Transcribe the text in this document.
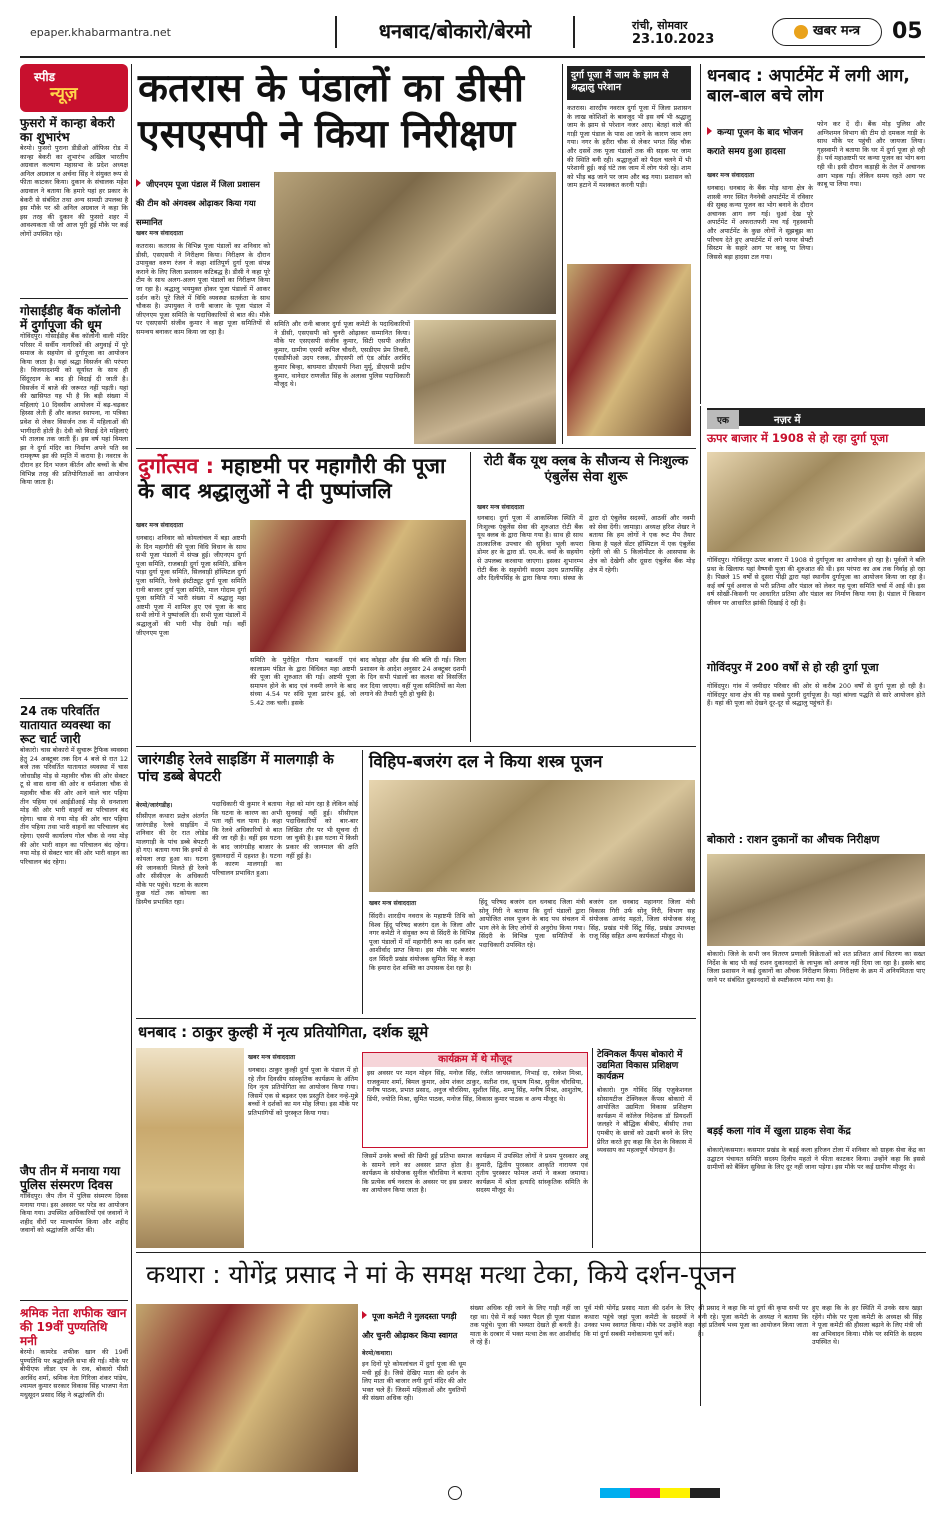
epaper.khabarmantra.net	धनबाद/बोकारो/बेरमो	रांची, सोमवार
23.10.2023
खबर मन्त्र	05
स्पीड
न्यूज़
फुसरो में कान्हा बेकरी का शुभारंभ
बेरमो। फुसरो पुराना डीडीओ ऑफिस रोड में कान्हा बेकरी का शुभारंभ अखिल भारतीय अग्रवाल कल्याण महासभा के प्रदेश अध्यक्ष अनिल अग्रवाल व अर्चना सिंह ने संयुक्त रूप से फीता काटकर किया। दुकान के संचालक महेश अग्रवाल ने बताया कि हमारे यहां हर प्रकार के बेकरी से संबंधित तथा अन्य सामग्री उपलब्ध है इस मौके पर श्री अनिल अग्रवाल ने कहा कि इस तरह की दुकान की फुसरो शहर में आवश्यकता थी जो आज पूरी हुई मौके पर कई लोगों उपस्थित रहे।
गोसाईंडीह बैंक कॉलोनी में दुर्गापूजा की धूम
गोविंदपुर। गोसाईंडीह बैंक कॉलोनी वाली मंदिर परिसर में सर्वीय नागरिकों की अगुवाई में पूरे समाज के सहयोग से दुर्गापूजा का आयोजन किया जाता है। यहां श्रद्धा विसर्जन की परंपरा है। विजयादशमी को सूर्यास्त के साथ ही सिंदूरदान के बाद ही विदाई दी जाती है। विसर्जन में बाजे की जरूरत नहीं पड़ती। यहां की खासियत यह भी है कि बड़ी संख्या में महिलाएं 10 दिवसीय आयोजन में बढ़-चढ़कर हिस्सा लेती हैं और कलश स्थापना, ना पत्रिका प्रवेश से लेकर विसर्जन तक में महिलाओं की भागीदारी होती है। देवी को विदाई देने महिलाएं भी तालाब तक जाती हैं। इस वर्ष यहां विमला झा ने दुर्गा मंदिर का निर्माण अपने पति स्व रामकृष्ण झा की स्मृति में कराया है। नवरात्र के दौरान हर दिन भजन कीर्तन और बच्चों के बीच विभिन्न तरह की प्रतियोगिताओं का आयोजन किया जाता है।
24 तक परिवर्तित यातायात व्यवस्था का रूट चार्ट जारी
बोकारो। चास बोकारो में सुचारू ट्रैफिक व्यवस्था हेतु 24 अक्टूबर तक दिन 4 बजे से रात 12 बजे तक परिवर्तित यातायात व्यवस्था में चास जोधाडीह मोड़ से महावीर चौक की ओर सेक्टर टू से वास धाना की ओर व धर्मशाला चौक से महावीर चौक की ओर आने वाले चार पहिया तीन पहिया एवं आईडीआई मोड़ से धनशाला मोड़ की ओर भारी वाहनों का परिचालन बंद रहेगा। चास से नया मोड़ की ओर चार पहिया तीन पहिया तथा भारी वाहनों का परिचालन बंद रहेगा। एसपी कार्यालय गोल चौक से नया मोड़ की ओर भारी वाहन का परिचालन बंद रहेगा। नया मोड़ से सेक्टर चार की ओर भारी वाहन का परिचालन बंद रहेगा।
जैप तीन में मनाया गया पुलिस संस्मरण दिवस
गोविंदपुर। जैप तीन में पुलिस संस्मरण दिवस मनाया गया। इस अवसर पर परेड का आयोजन किया गया। उपस्थित अधिकारियों एवं जवानों ने शहीद वीरों पर माल्यार्पण किया और शहीद जवानों को श्रद्धांजलि अर्पित की।
श्रमिक नेता शफीक खान की 19वीं पुण्यतिथि मनी
बेरमो। कामरेड शफीक खान की 19वीं पुण्यतिथि पर श्रद्धांजलि सभा की गई। मौके पर बीपीएफ लीडर एम के राव, बोकारो पीसी अरविंद शर्मा, श्रमिक नेता गिरिजा शंकर पांडेय, श्यामल कुमार सरकार विकास सिंह भाजपा नेता मधुसूदन प्रसाद सिंह ने श्रद्धांजलि दी।
कतरास के पंडालों का डीसी एसएसपी ने किया निरीक्षण
जीएनएम पूजा पंडाल में जिला प्रशासन की टीम को अंगवस्त्र ओढ़ाकर किया गया सम्मानित
खबर मन्त्र संवाददाता
कतरास। कतरास के विभिन्न पूजा पंडालों का शनिवार को डीसी, एसएसपी ने निरीक्षण किया। निरीक्षण के दौरान उपायुक्त वरुण रंजन ने कहा शांतिपूर्ण दुर्गा पूजा संपन्न कराने के लिए जिला प्रशासन कटिबद्ध है। डीसी ने कहा पूरे टीम के साथ अलग-अलग पूजा पंडालों का निरीक्षण किया जा रहा है। श्रद्धालु भयमुक्त होकर पूजा पंडालों में आकर दर्शन करें। पूरे जिले में विधि व्यवस्था सतर्कता के साथ चौकस है। उपायुक्त ने रानी बाजार के पूजा पंडाल में जीएनएम पूजा समिति के पदाधिकारियों से बात की। मौके पर एसएसपी संजीव कुमार ने कहा पूजा समितियों से समन्वय बनाकर काम किया जा रहा है।
समिति और रानी बाजार दुर्गा पूजा कमेटी के पदाधिकारियों ने डीसी, एसएसपी को चुनरी ओढ़ाकर सम्मानित किया। मौके पर एसएसपी संजीव कुमार, सिटी एसपी अजीत कुमार, ग्रामीण एसपी कपिल चौधरी, एसडीएम प्रेम तिवारी, एसडीपीओ उदय रजक, डीएसपी लॉ एंड ऑर्डर अरविंद कुमार बिन्हा, बाघमारा डीएसपी निशा मुर्मू, डीएसपी प्रदीप कुमार, थानेदार राणजीत सिंह के अलावा पुलिस पदाधिकारी मौजूद थे।
दुर्गा पूजा में जाम के झाम से श्रद्धालु परेशान
कतरास। शारदीय नवरात्र दुर्गा पूजा में जिला प्रशासन के लाख कोशिशों के बावजूद भी इस वर्ष भी श्रद्धालु जाम के झाम से परेशान नजर आए। बेतहां वाले की गाड़ी पूजा पंडाल के पास आ जाने के कारण जाम लग गया। नगर के हरीरा चौक से लेकर भगत सिंह चौक और दसवें तक पूजा पंडालों तक की सड़क पर जाम की स्थिति बनी रही। श्रद्धालुओं को पैदल चलने में भी परेशानी हुई। कई घंटे तक जाम में लोग फंसे रहे। शाम को भीड़ बढ़ जाने पर जाम और बढ़ गया। प्रशासन को जाम हटाने में मशक्कत करनी पड़ी।
धनबाद : अपार्टमेंट में लगी आग, बाल-बाल बचे लोग
कन्या पूजन के बाद भोजन कराते समय हुआ हादसा
खबर मन्त्र संवाददाता
धनबाद। धनबाद के बैंक मोड़ थाना क्षेत्र के शास्त्री नगर स्थित नैननेबी अपार्टमेंट में रविवार की सुबह कन्या पूजन का भोग बनाने के दौरान अचानक आग लग गई। धुआं देख पूरे अपार्टमेंट में अफरातफरी मच गई गृहस्वामी और अपार्टमेंट के कुछ लोगों ने सूझबूझ का परिचय देते हुए अपार्टमेंट में लगे फायर सेफ्टी सिस्टम के सहारे आग पर काबू पा लिया। जिससे बड़ा हादसा टल गया।
फोन कर दें दी। बैंक मोड़ पुलिस और अग्निशमन विभाग की टीम दो दमकल गाड़ी के साथ मौके पर पहुंची और जायजा लिया। गृहस्वामी ने बताया कि घर में दुर्गा पूजा हो रही है। पर्व महाअष्टमी पर कन्या पूजन का भोग बना रही थी। इसी दौरान कड़ाही के तेल में अचानक आग भड़क गई। लेकिन समय रहते आग पर काबू पा लिया गया।
एक	नज़र में
ऊपर बाजार में 1908 से हो रहा दुर्गा पूजा
गोविंदपुर। गोविंदपुर ऊपर बाजार में 1908 से दुर्गापूजा का आयोजन हो रहा है। पूर्वजों ने बलि प्रथा के खिलाफ यहां वैष्णवी पूजा की शुरुआत की थी। इस परंपरा का अब तक निर्वाह हो रहा है। पिछले 15 वर्षों से दूसरा पीढ़ी द्वारा यहां स्थानीय दुर्गापूजा का आयोजन किया जा रहा है। कई वर्ष पूर्व अनाज से भरी प्रतिमा और पंडाल को लेकर यह पूजा समिति चर्चा में आई थी। इस वर्ष सोखी-किसनी पर आधारित प्रतिमा और पंडाल का निर्माण किया गया है। पंडाल में किसान जीवन पर आधारित झांकी दिखाई दे रही है।
गोविंदपुर में 200 वर्षों से हो रही दुर्गा पूजा
गोविंदपुर। गांव में जमीदार परिवार की ओर से करीब 200 वर्षों से दुर्गा पूजा हो रही है। गोविंदपुर थाना क्षेत्र की यह सबसे पुरानी दुर्गापूजा है। यहां बांग्ला पद्धति से सारे आयोजन होते हैं। यहां की पूजा को देखने दूर-दूर से श्रद्धालु पहुंचते हैं।
बोकारो : राशन दुकानों का औचक निरीक्षण
बोकारो। जिले के सभी जन वितरण प्रणाली विक्रेताओं को शत प्रतिशत आर्थ वितरण का सख्त निर्देश के बाद भी कई राशन दुकानदारों के लाभुक को अनाज नहीं दिया जा रहा है। इसके बाद जिला प्रशासन ने कई दुकानों का औचक निरीक्षण किया। निरीक्षण के क्रम में अनियमितता पाए जाने पर संबंधित दुकानदारों से स्पष्टीकरण मांगा गया है।
बड़ई कला गांव में खुला ग्राहक सेवा केंद्र
बोकारो/कसमार। कसमार प्रखंड के बड़ई कला हरिजन टोला में शनिवार को ग्राहक सेवा केंद्र का उद्घाटन पंचायत समिति सदस्य दिलीप महतो ने फीता काटकर किया। उन्होंने कहा कि इससे ग्रामीणों को बैंकिंग सुविधा के लिए दूर नहीं जाना पड़ेगा। इस मौके पर कई ग्रामीण मौजूद थे।
दुर्गोत्सव : महाष्टमी पर महागौरी की पूजा के बाद श्रद्धालुओं ने दी पुष्पांजलि
खबर मन्त्र संवाददाता
धनबाद। शनिवार को कोयलांचल में बड़ा अष्टमी के दिन महागौरी की पूजा विधि विधान के साथ सभी पूजा पंडालों में संपन्न हुई। जीएनएम दुर्गा पूजा समिति, राजबाड़ी दुर्गा पूजा समिति, डंकिन पाड़ा दुर्गा पूजा समिति, सिलवाड़ी हॉस्पिटल दुर्गा पूजा समिति, रेलवे इंस्टीट्यूट दुर्गा पूजा समिति रानी बाजार दुर्गा पूजा समिति, माल गोदाम दुर्गा पूजा समिति में भारी संख्या में श्रद्धालु महा अष्टमी पूजा में शामिल हुए एवं पूजा के बाद सभी लोगों ने पुष्पांजलि दी। सभी पूजा पंडालों में श्रद्धालुओं की भारी भीड़ देखी गई। वहीं जीएनएम पूजा
समिति के पुरोहित गौतम चक्रवर्ती एवं कालाप्रम पंडित के द्वारा विधिवत महा अष्टमी की पूजा की शुरुआत की गई। अष्टमी पूजा समापन होने के बाद एवं नवमी लगने के बाद संध्या 4.54 पर संधि पूजा प्रारंभ हुई, जो 5.42 तक चली। इसके
बाद कोहड़ा और ईख की बलि दी गई। जिला प्रशासन के आदेश अनुसार 24 अक्टूबर दशमी के दिन सभी पंडालों का कलश को विसर्जित कर दिया जाएगा। वहीं पूजा समितियों का मेला लगाने की तैयारी पूरी हो चुकी है।
रोटी बैंक यूथ क्लब के सौजन्य से निःशुल्क एंबुलेंस सेवा शुरू
खबर मन्त्र संवाददाता
धनबाद। दुर्गा पूजा में आकस्मिक स्थिति में निःशुल्क एंबुलेंस सेवा की शुरुआत रोटी बैंक यूथ क्लब के द्वारा किया गया है। साथ ही साथ तात्कालिक उपचार की सुविधा भूली कपरा डोमर हर के द्वारा डॉ. एम.के. वर्मा के सहयोग से उपलब्ध करवाया जाएगा। इसका शुभारम्भ रोटी बैंक के सहयोगी सदस्य उदय प्रतापसिंह और दिलीपसिंह के द्वारा किया गया। संस्था के द्वारा दो एंबुलेंस सदस्यों, आठवीं और नवमी को सेवा देंगी। जामाड़ा। अध्यक्ष हरिश शेखर ने बताया कि हम लोगों ने एक रूट मैप तैयार किया है पहले सेंटर हॉस्पिटल में एक एंबुलेंस रहेगी जो की 5 किलोमीटर के आसपास के क्षेत्र को देखेगी और दूसरा एंबुलेंस बैंक मोड़ क्षेत्र में रहेगी।
जारंगडीह रेलवे साइडिंग में मालगाड़ी के पांच डब्बे बेपटरी
बेरमो/जारंगडीह।
सीसीएल कथारा प्रक्षेत्र अंतर्गत जारंगडीह रेलवे साइडिंग में शनिवार की देर रात लोडेड मालगाड़ी के पांच डब्बे बेपटरी हो गए। बताया गया कि इनमें से कोयला लदा हुआ था। घटना की जानकारी मिलते ही रेलवे और सीसीएल के अधिकारी मौके पर पहुंचे। घटना के कारण कुछ घंटों तक कोयला का डिस्पैच प्रभावित रहा।
पदाधिकारी पी कुमार ने बताया कि घटना के कारण का अभी पता नहीं चल पाया है। कहा कि रेलवे अधिकारियों से बात की जा रही है। वहीं इस घटना के बाद जारंगडीह बाजार के दुकानदारों में दहशत है। घटना के कारण मालगाड़ी का परिचालन प्रभावित हुआ।
नेहा को मांग रहा है लेकिन कोई सुनवाई नहीं हुई। सीसीएल पदाधिकारियों को बार-बार लिखित तौर पर भी सूचना दी जा चुकी है। इस घटना में किसी प्रकार की जानमाल की क्षति नहीं हुई है।
विहिप-बजरंग दल ने किया शस्त्र पूजन
खबर मन्त्र संवाददाता
सिंदरी। शारदीय नवरात्र के महाष्टमी तिथि को विश्व हिंदू परिषद बजरंग दल के जिला और नगर कमेटी ने संयुक्त रूप से सिंदरी के विभिन्न पूजा पंडालों में माँ महागौरी रूप का दर्शन कर आशीर्वाद प्राप्त किया। इस मौके पर बजरंग दल सिंदरी प्रखंड संयोजक सुमित सिंह ने कहा कि हमारा देश शक्ति का उपासक देश रहा है।
हिंदू परिषद बजरंग दल धनबाद जिला मंत्री सोनू गिरी ने बताया कि दुर्गा पंडालों द्वारा आयोजित शस्त्र पूजन के बाद पथ संचलन में भाग लेने के लिए लोगों से अनुरोध किया गया। सिंदरी के विभिन्न पूजा समितियों के पदाधिकारी उपस्थित रहे।
बजरंग दल धनबाद महानगर जिला मंत्री विकास गिरी उर्फ सोनू गिरी, विभाग सह संयोजक आनंद महतो, जिला संयोजक संजू सिंह, प्रखंड मंत्री सिंटू सिंह, प्रखंड उपाध्यक्ष राजू सिंह सहित अन्य कार्यकर्ता मौजूद थे।
धनबाद : ठाकुर कुल्ही में नृत्य प्रतियोगिता, दर्शक झूमे
खबर मन्त्र संवाददाता
धनबाद। ठाकुर कुल्ही दुर्गा पूजा के पंडाल में हो रहे तीन दिवसीय सांस्कृतिक कार्यक्रम के अंतिम दिन नृत्य प्रतियोगिता का आयोजन किया गया। जिसमें एक से बढ़कर एक प्रस्तुति देकर नन्हे-मुन्ने बच्चों ने दर्शकों का मन मोह लिया। इस मौके पर प्रतिभागियों को पुरस्कृत किया गया।
कार्यक्रम में थे मौजूद
इस अवसर पर मदन मोहन सिंह, मनोज सिंह, रंजीत जायसवाल, निभाई दा, राकेश मिश्रा, राजकुमार शर्मा, बिमल कुमार, ओम शंकर ठाकुर, सतीश राव, सुभाष मिश्रा, सुनील चौरसिया, मनीष पाठक, प्रभात प्रसाद, अनुज चौरसिया, सुशील सिंह, शम्भू सिंह, मनीष मिश्रा, आशुतोष, डिंपी, ज्योति मिश्रा, सुमित पाठक, मनोज सिंह, विकास कुमार पाठक व अन्य मौजूद थे।
जिसमें उनके बच्चों की छिपी हुई प्रतिभा समाज के सामने लाने का अवसर प्राप्त होता है। कार्यक्रम के संयोजक सुनील चौरसिया ने बताया कि प्रत्येक वर्ष नवरात्र के अवसर पर इस प्रकार का आयोजन किया जाता है।
कार्यक्रम में उपस्थित लोगों ने प्रथम पुरस्कार अन्नू कुमारी, द्वितीय पुरस्कार आकृति नारायण एवं तृतीय पुरस्कार फोमल शर्मा ने कब्जा जमाया। कार्यक्रम में श्रोता इत्यादि सांस्कृतिक समिति के सदस्य मौजूद थे।
टेक्निकल कैंपस बोकारो में उद्यमिता विकास प्रशिक्षण कार्यक्रम
बोकारो। गुरु गोविंद सिंह एजुकेशनल सोसायटीज टेक्निकल कैंपस बोकारो में आयोजित उद्यमिता विकास प्रशिक्षण कार्यक्रम में कॉलेज निदेशक डॉ प्रियदर्शी जलहरे ने बौद्धिक बीबीए, बीसीए तथा एमबीए के छात्रों को उद्यमी बनने के लिए प्रेरित करते हुए कहा कि देश के विकास में व्यवसाय का महत्वपूर्ण योगदान है।
कथारा : योगेंद्र प्रसाद ने मां के समक्ष मत्था टेका, किये दर्शन-पूजन
पूजा कमेटी ने गुलदस्ता पगड़ी और चुनरी ओढ़ाकर किया स्वागत
बेरमो/कथारा।
इन दिनों पूरे कोयलांचल में दुर्गा पूजा की धूम मची हुई है। जिसे देखिए माता की दर्शन के लिए माता की बाजार लगी दुर्गा मंदिर की ओर भक्त चले हैं। जिसमें महिलाओं और युवतियों की संख्या अधिक रही।
संख्या अधिक रही जाने के लिए गाड़ी नहीं जा रहा था। ऐसे में कई भक्त पैदल ही पूजा पंडाल तक पहुंचे। पूजा की भव्यता देखते ही बनती है। माता के दरबार में भक्त मत्था टेक कर आशीर्वाद ले रहे हैं।
पूर्व मंत्री योगेंद्र प्रसाद माता की दर्शन के लिए कथारा पहुंचे जहां पूजा कमेटी के सदस्यों ने उनका भव्य स्वागत किया। मौके पर उन्होंने कहा कि मां दुर्गा सबकी मनोकामना पूर्ण करें।
श्री प्रसाद ने कहा कि मां दुर्गा की कृपा सभी पर बनी रहे। पूजा कमेटी के अध्यक्ष ने बताया कि यहां प्रतिवर्ष भव्य पूजा का आयोजन किया जाता है।
हुए कहा कि के हर स्थिति में उनके साथ खड़ा रहेंगे। मौके पर पूजा कमेटी के अध्यक्ष श्री सिंह ने पूजा कमेटी की हौसला बढ़ाने के लिए मंत्री जी का अभिवादन किया। मौके पर समिति के सदस्य उपस्थित थे।
